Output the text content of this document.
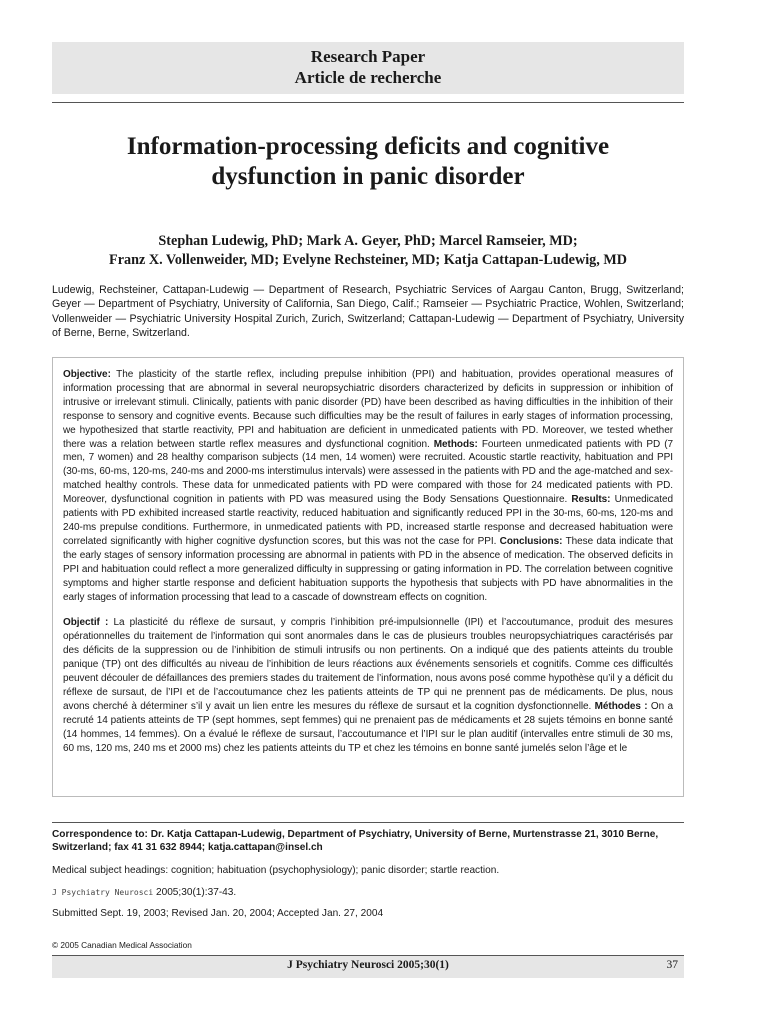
Research Paper
Article de recherche
Information-processing deficits and cognitive
dysfunction in panic disorder
Stephan Ludewig, PhD; Mark A. Geyer, PhD; Marcel Ramseier, MD;
Franz X. Vollenweider, MD; Evelyne Rechsteiner, MD; Katja Cattapan-Ludewig, MD
Ludewig, Rechsteiner, Cattapan-Ludewig — Department of Research, Psychiatric Services of Aargau Canton, Brugg, Switzerland; Geyer — Department of Psychiatry, University of California, San Diego, Calif.; Ramseier — Psychiatric Practice, Wohlen, Switzerland; Vollenweider — Psychiatric University Hospital Zurich, Zurich, Switzerland; Cattapan-Ludewig — Department of Psychiatry, University of Berne, Berne, Switzerland.

Objective: The plasticity of the startle reflex, including prepulse inhibition (PPI) and habituation, provides operational measures of information processing that are abnormal in several neuropsychiatric disorders characterized by deficits in suppression or inhibition of intrusive or irrelevant stimuli. Clinically, patients with panic disorder (PD) have been described as having difficulties in the inhibition of their response to sensory and cognitive events. Because such difficulties may be the result of failures in early stages of information processing, we hypothesized that startle reactivity, PPI and habituation are deficient in unmedicated patients with PD. Moreover, we tested whether there was a relation between startle reflex measures and dysfunctional cognition. Methods: Fourteen unmedicated patients with PD (7 men, 7 women) and 28 healthy comparison subjects (14 men, 14 women) were recruited. Acoustic startle reactivity, habituation and PPI (30-ms, 60-ms, 120-ms, 240-ms and 2000-ms interstimulus intervals) were assessed in the patients with PD and the age-matched and sex-matched healthy controls. These data for unmedicated patients with PD were compared with those for 24 medicated patients with PD. Moreover, dysfunctional cognition in patients with PD was measured using the Body Sensations Questionnaire. Results: Unmedicated patients with PD exhibited increased startle reactivity, reduced habituation and significantly reduced PPI in the 30-ms, 60-ms, 120-ms and 240-ms prepulse conditions. Furthermore, in unmedicated patients with PD, increased startle response and decreased habituation were correlated significantly with higher cognitive dysfunction scores, but this was not the case for PPI. Conclusions: These data indicate that the early stages of sensory information processing are abnormal in patients with PD in the absence of medication. The observed deficits in PPI and habituation could reflect a more generalized difficulty in suppressing or gating information in PD. The correlation between cognitive symptoms and higher startle response and deficient habituation supports the hypothesis that subjects with PD have abnormalities in the early stages of information processing that lead to a cascade of downstream effects on cognition.

Objectif : La plasticité du réflexe de sursaut, y compris l’inhibition pré-impulsionnelle (IPI) et l’accoutumance, produit des mesures opérationnelles du traitement de l’information qui sont anormales dans le cas de plusieurs troubles neuropsychiatriques caractérisés par des déficits de la suppression ou de l’inhibition de stimuli intrusifs ou non pertinents. On a indiqué que des patients atteints du trouble panique (TP) ont des difficultés au niveau de l’inhibition de leurs réactions aux événements sensoriels et cognitifs. Comme ces difficultés peuvent découler de défaillances des premiers stades du traitement de l’information, nous avons posé comme hypothèse qu’il y a déficit du réflexe de sursaut, de l’IPI et de l’accoutumance chez les patients atteints de TP qui ne prennent pas de médicaments. De plus, nous avons cherché à déterminer s’il y avait un lien entre les mesures du réflexe de sursaut et la cognition dysfonctionnelle. Méthodes : On a recruté 14 patients atteints de TP (sept hommes, sept femmes) qui ne prenaient pas de médicaments et 28 sujets témoins en bonne santé (14 hommes, 14 femmes). On a évalué le réflexe de sursaut, l’accoutumance et l’IPI sur le plan auditif (intervalles entre stimuli de 30 ms, 60 ms, 120 ms, 240 ms et 2000 ms) chez les patients atteints du TP et chez les témoins en bonne santé jumelés selon l’âge et le

Correspondence to: Dr. Katja Cattapan-Ludewig, Department of Psychiatry, University of Berne, Murtenstrasse 21, 3010 Berne, Switzerland; fax 41 31 632 8944; katja.cattapan@insel.ch
Medical subject headings: cognition; habituation (psychophysiology); panic disorder; startle reaction.
J Psychiatry Neurosci 2005;30(1):37-43.
Submitted Sept. 19, 2003; Revised Jan. 20, 2004; Accepted Jan. 27, 2004
© 2005 Canadian Medical Association
J Psychiatry Neurosci 2005;30(1)	37
